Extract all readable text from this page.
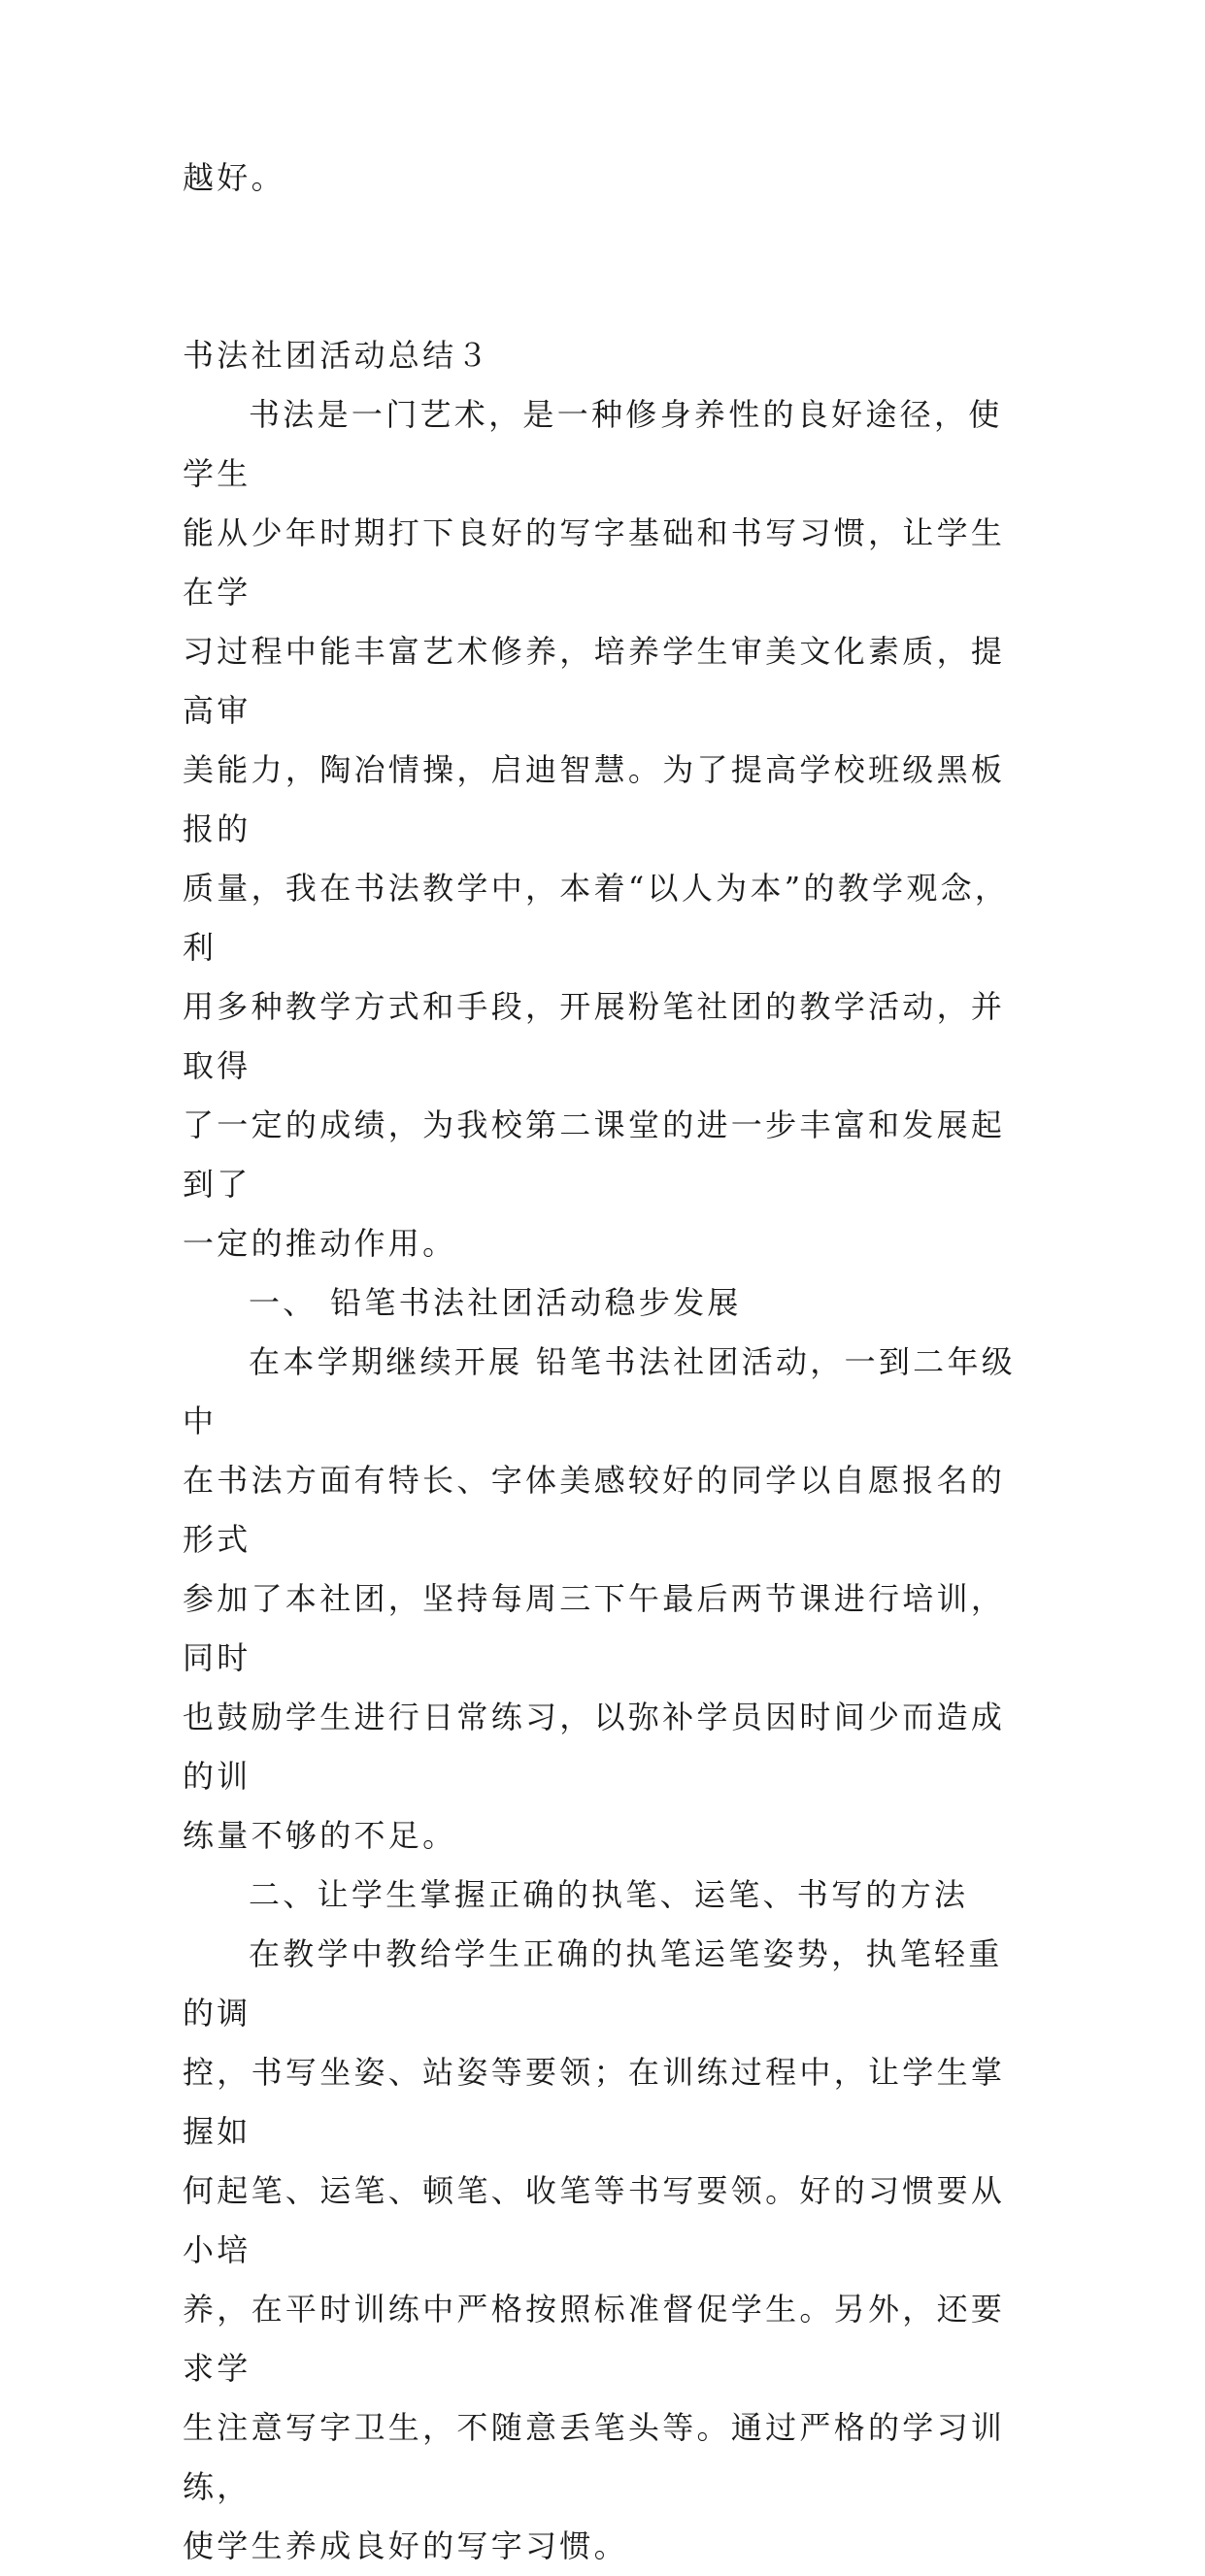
越好。
书法社团活动总结３
书法是一门艺术，是一种修身养性的良好途径，使学生
能从少年时期打下良好的写字基础和书写习惯，让学生在学
习过程中能丰富艺术修养，培养学生审美文化素质，提高审
美能力，陶冶情操，启迪智慧。为了提高学校班级黑板报的
质量，我在书法教学中，本着“以人为本”的教学观念，利
用多种教学方式和手段，开展粉笔社团的教学活动，并取得
了一定的成绩，为我校第二课堂的进一步丰富和发展起到了
一定的推动作用。
一、 铅笔书法社团活动稳步发展
在本学期继续开展 铅笔书法社团活动，一到二年级中
在书法方面有特长、字体美感较好的同学以自愿报名的形式
参加了本社团，坚持每周三下午最后两节课进行培训，同时
也鼓励学生进行日常练习，以弥补学员因时间少而造成的训
练量不够的不足。
二、让学生掌握正确的执笔、运笔、书写的方法
在教学中教给学生正确的执笔运笔姿势，执笔轻重的调
控，书写坐姿、站姿等要领；在训练过程中，让学生掌握如
何起笔、运笔、顿笔、收笔等书写要领。好的习惯要从小培
养，在平时训练中严格按照标准督促学生。另外，还要求学
生注意写字卫生，不随意丢笔头等。通过严格的学习训练，
使学生养成良好的写字习惯。
